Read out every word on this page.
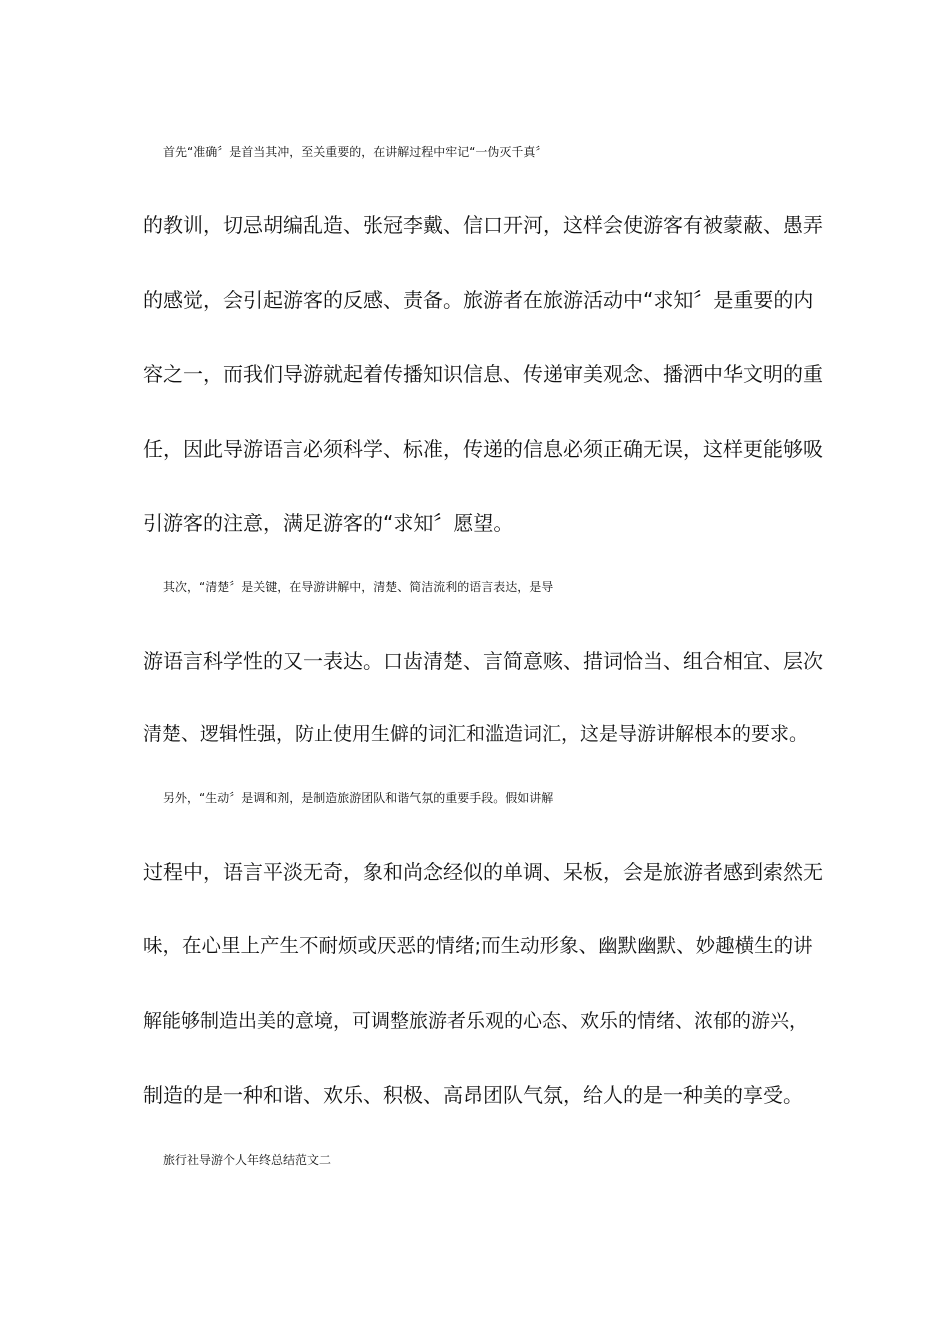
首先“准确〞是首当其冲，至关重要的，在讲解过程中牢记“一伪灭千真〞
的教训，切忌胡编乱造、张冠李戴、信口开河，这样会使游客有被蒙蔽、愚弄
的感觉，会引起游客的反感、责备。旅游者在旅游活动中“求知〞是重要的内
容之一，而我们导游就起着传播知识信息、传递审美观念、播洒中华文明的重
任，因此导游语言必须科学、标准，传递的信息必须正确无误，这样更能够吸
引游客的注意，满足游客的“求知〞愿望。
其次，“清楚〞是关键，在导游讲解中，清楚、简洁流利的语言表达，是导
游语言科学性的又一表达。口齿清楚、言简意赅、措词恰当、组合相宜、层次
清楚、逻辑性强，防止使用生僻的词汇和滥造词汇，这是导游讲解根本的要求。
另外，“生动〞是调和剂，是制造旅游团队和谐气氛的重要手段。假如讲解
过程中，语言平淡无奇，象和尚念经似的单调、呆板，会是旅游者感到索然无
味，在心里上产生不耐烦或厌恶的情绪;而生动形象、幽默幽默、妙趣横生的讲
解能够制造出美的意境，可调整旅游者乐观的心态、欢乐的情绪、浓郁的游兴，
制造的是一种和谐、欢乐、积极、高昂团队气氛，给人的是一种美的享受。
旅行社导游个人年终总结范文二
